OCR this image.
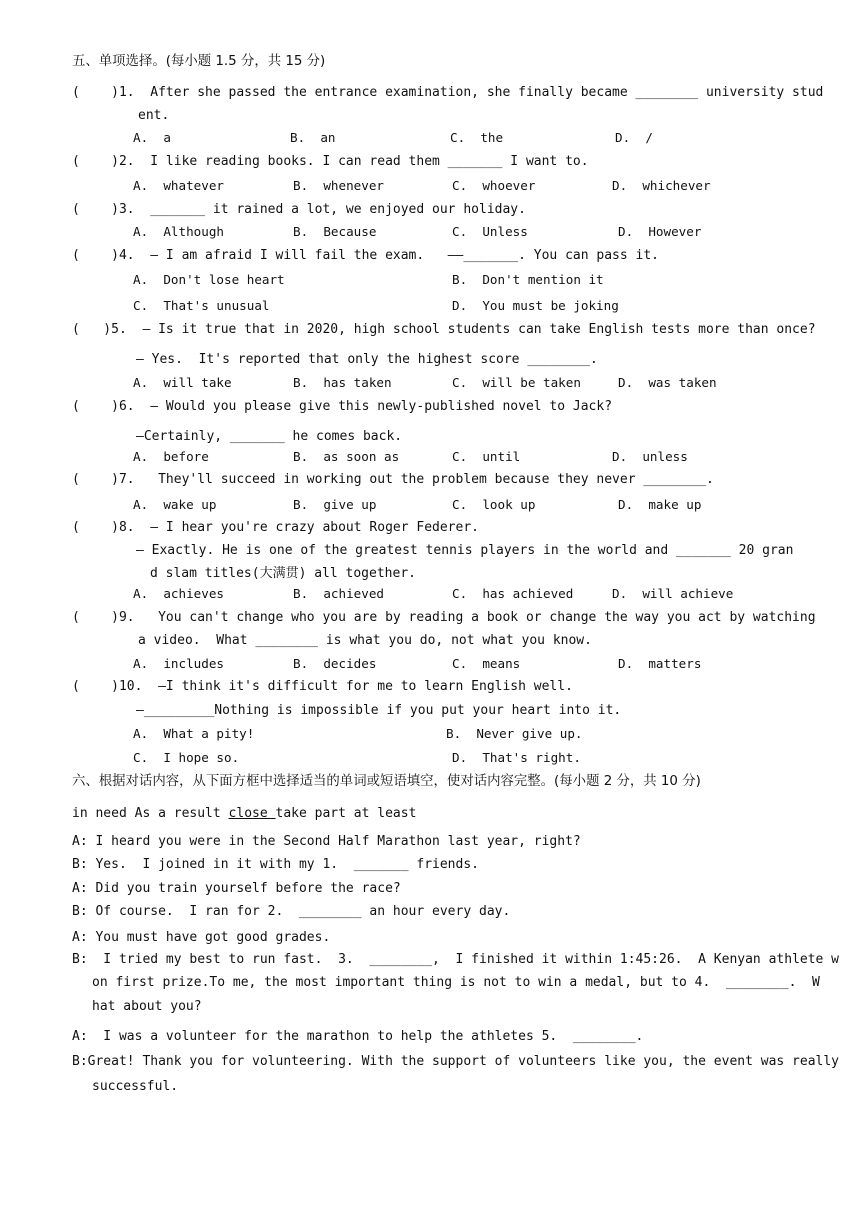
五、单项选择。(每小题 1.5 分，共 15 分)
(    )1.  After she passed the entrance examination, she finally became ________ university stud
ent.
A.  a	B.  an	C.  the	D.  /
(    )2.  I like reading books. I can read them _______ I want to.
A.  whatever	B.  whenever	C.  whoever	D.  whichever
(    )3.  _______ it rained a lot, we enjoyed our holiday.
A.  Although	B.  Because	C.  Unless	D.  However
(    )4.  — I am afraid I will fail the exam.   ——_______. You can pass it.
A.  Don't lose heart	B.  Don't mention it
C.  That's unusual	D.  You must be joking
(   )5.  — Is it true that in 2020, high school students can take English tests more than once?
— Yes.  It's reported that only the highest score ________.
A.  will take	B.  has taken	C.  will be taken	D.  was taken
(    )6.  — Would you please give this newly-published novel to Jack?
—Certainly, _______ he comes back.
A.  before	B.  as soon as	C.  until	D.  unless
(    )7.   They'll succeed in working out the problem because they never ________.
A.  wake up	B.  give up	C.  look up	D.  make up
(    )8.  — I hear you're crazy about Roger Federer.
— Exactly. He is one of the greatest tennis players in the world and _______ 20 gran
d slam titles(大满贯) all together.
A.  achieves	B.  achieved	C.  has achieved	D.  will achieve
(    )9.   You can't change who you are by reading a book or change the way you act by watching
a video.  What ________ is what you do, not what you know.
A.  includes	B.  decides	C.  means	D.  matters
(    )10.  —I think it's difficult for me to learn English well.
—_________Nothing is impossible if you put your heart into it.
A.  What a pity!	B.  Never give up.
C.  I hope so.	D.  That's right.
六、根据对话内容，从下面方框中选择适当的单词或短语填空，使对话内容完整。(每小题 2 分，共 10 分)
in need As a result close take part at least
A: I heard you were in the Second Half Marathon last year, right?
B: Yes.  I joined in it with my 1.  _______ friends.
A: Did you train yourself before the race?
B: Of course.  I ran for 2.  ________ an hour every day.
A: You must have got good grades.
B:  I tried my best to run fast.  3.  ________,  I finished it within 1:45:26.  A Kenyan athlete w
on first prize.To me, the most important thing is not to win a medal, but to 4.  ________.  W
hat about you?
A:  I was a volunteer for the marathon to help the athletes 5.  ________.
B:Great! Thank you for volunteering. With the support of volunteers like you, the event was really
successful.
